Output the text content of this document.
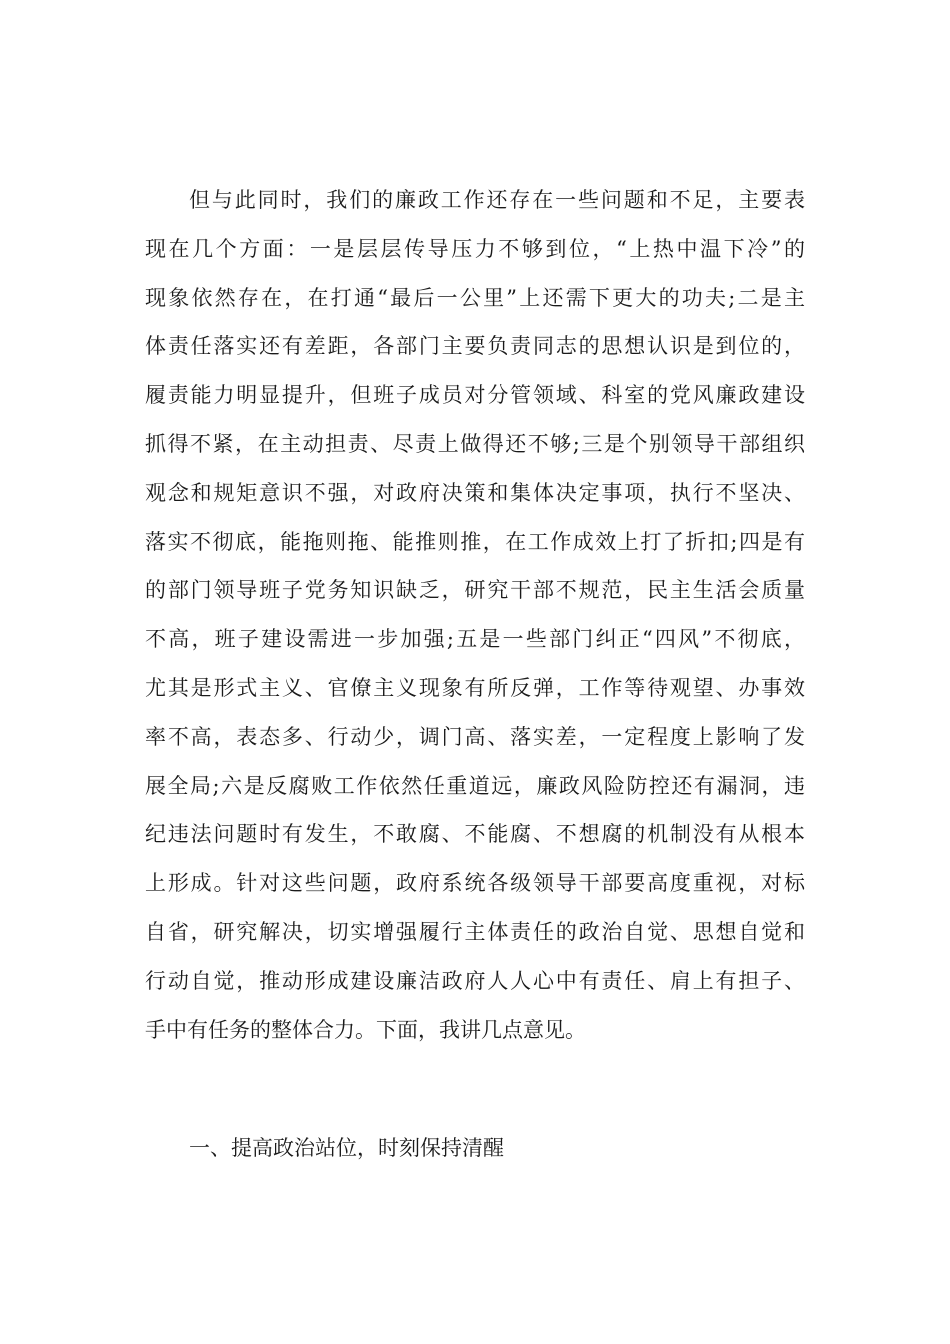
但与此同时，我们的廉政工作还存在一些问题和不足，主要表
现在几个方面：一是层层传导压力不够到位，“上热中温下冷”的
现象依然存在，在打通“最后一公里”上还需下更大的功夫;二是主
体责任落实还有差距，各部门主要负责同志的思想认识是到位的，
履责能力明显提升，但班子成员对分管领域、科室的党风廉政建设
抓得不紧，在主动担责、尽责上做得还不够;三是个别领导干部组织
观念和规矩意识不强，对政府决策和集体决定事项，执行不坚决、
落实不彻底，能拖则拖、能推则推，在工作成效上打了折扣;四是有
的部门领导班子党务知识缺乏，研究干部不规范，民主生活会质量
不高，班子建设需进一步加强;五是一些部门纠正“四风”不彻底，
尤其是形式主义、官僚主义现象有所反弹，工作等待观望、办事效
率不高，表态多、行动少，调门高、落实差，一定程度上影响了发
展全局;六是反腐败工作依然任重道远，廉政风险防控还有漏洞，违
纪违法问题时有发生，不敢腐、不能腐、不想腐的机制没有从根本
上形成。针对这些问题，政府系统各级领导干部要高度重视，对标
自省，研究解决，切实增强履行主体责任的政治自觉、思想自觉和
行动自觉，推动形成建设廉洁政府人人心中有责任、肩上有担子、
手中有任务的整体合力。下面，我讲几点意见。

一、提高政治站位，时刻保持清醒
